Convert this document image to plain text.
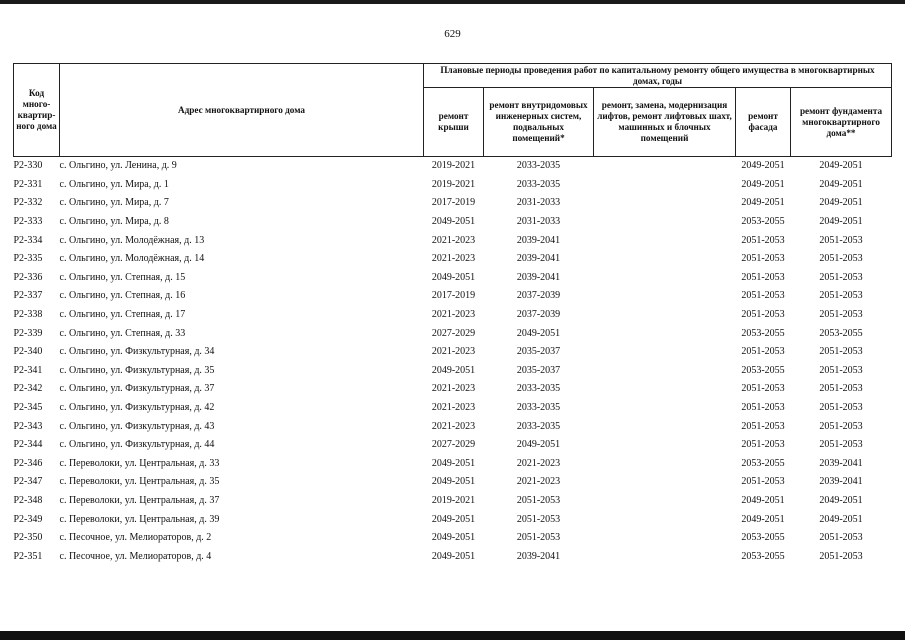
629
Код много-квартир-ного дома	Адрес многоквартирного дома	Плановые периоды проведения работ по капитальному ремонту общего имущества в многоквартирных домах, годы				
		ремонт крыши	ремонт внутридомовых инженерных систем, подвальных помещений*	ремонт, замена, модернизация лифтов, ремонт лифтовых шахт, машинных и блочных помещений	ремонт фасада	ремонт фундамента многоквартирного дома**
Р2-330	с. Ольгино, ул. Ленина, д. 9	2019-2021	2033-2035		2049-2051	2049-2051
Р2-331	с. Ольгино, ул. Мира, д. 1	2019-2021	2033-2035		2049-2051	2049-2051
Р2-332	с. Ольгино, ул. Мира, д. 7	2017-2019	2031-2033		2049-2051	2049-2051
Р2-333	с. Ольгино, ул. Мира, д. 8	2049-2051	2031-2033		2053-2055	2049-2051
Р2-334	с. Ольгино, ул. Молодёжная, д. 13	2021-2023	2039-2041		2051-2053	2051-2053
Р2-335	с. Ольгино, ул. Молодёжная, д. 14	2021-2023	2039-2041		2051-2053	2051-2053
Р2-336	с. Ольгино, ул. Степная, д. 15	2049-2051	2039-2041		2051-2053	2051-2053
Р2-337	с. Ольгино, ул. Степная, д. 16	2017-2019	2037-2039		2051-2053	2051-2053
Р2-338	с. Ольгино, ул. Степная, д. 17	2021-2023	2037-2039		2051-2053	2051-2053
Р2-339	с. Ольгино, ул. Степная, д. 33	2027-2029	2049-2051		2053-2055	2053-2055
Р2-340	с. Ольгино, ул. Физкультурная, д. 34	2021-2023	2035-2037		2051-2053	2051-2053
Р2-341	с. Ольгино, ул. Физкультурная, д. 35	2049-2051	2035-2037		2053-2055	2051-2053
Р2-342	с. Ольгино, ул. Физкультурная, д. 37	2021-2023	2033-2035		2051-2053	2051-2053
Р2-345	с. Ольгино, ул. Физкультурная, д. 42	2021-2023	2033-2035		2051-2053	2051-2053
Р2-343	с. Ольгино, ул. Физкультурная, д. 43	2021-2023	2033-2035		2051-2053	2051-2053
Р2-344	с. Ольгино, ул. Физкультурная, д. 44	2027-2029	2049-2051		2051-2053	2051-2053
Р2-346	с. Переволоки, ул. Центральная, д. 33	2049-2051	2021-2023		2053-2055	2039-2041
Р2-347	с. Переволоки, ул. Центральная, д. 35	2049-2051	2021-2023		2051-2053	2039-2041
Р2-348	с. Переволоки, ул. Центральная, д. 37	2019-2021	2051-2053		2049-2051	2049-2051
Р2-349	с. Переволоки, ул. Центральная, д. 39	2049-2051	2051-2053		2049-2051	2049-2051
Р2-350	с. Песочное, ул. Мелиораторов, д. 2	2049-2051	2051-2053		2053-2055	2051-2053
Р2-351	с. Песочное, ул. Мелиораторов, д. 4	2049-2051	2039-2041		2053-2055	2051-2053
